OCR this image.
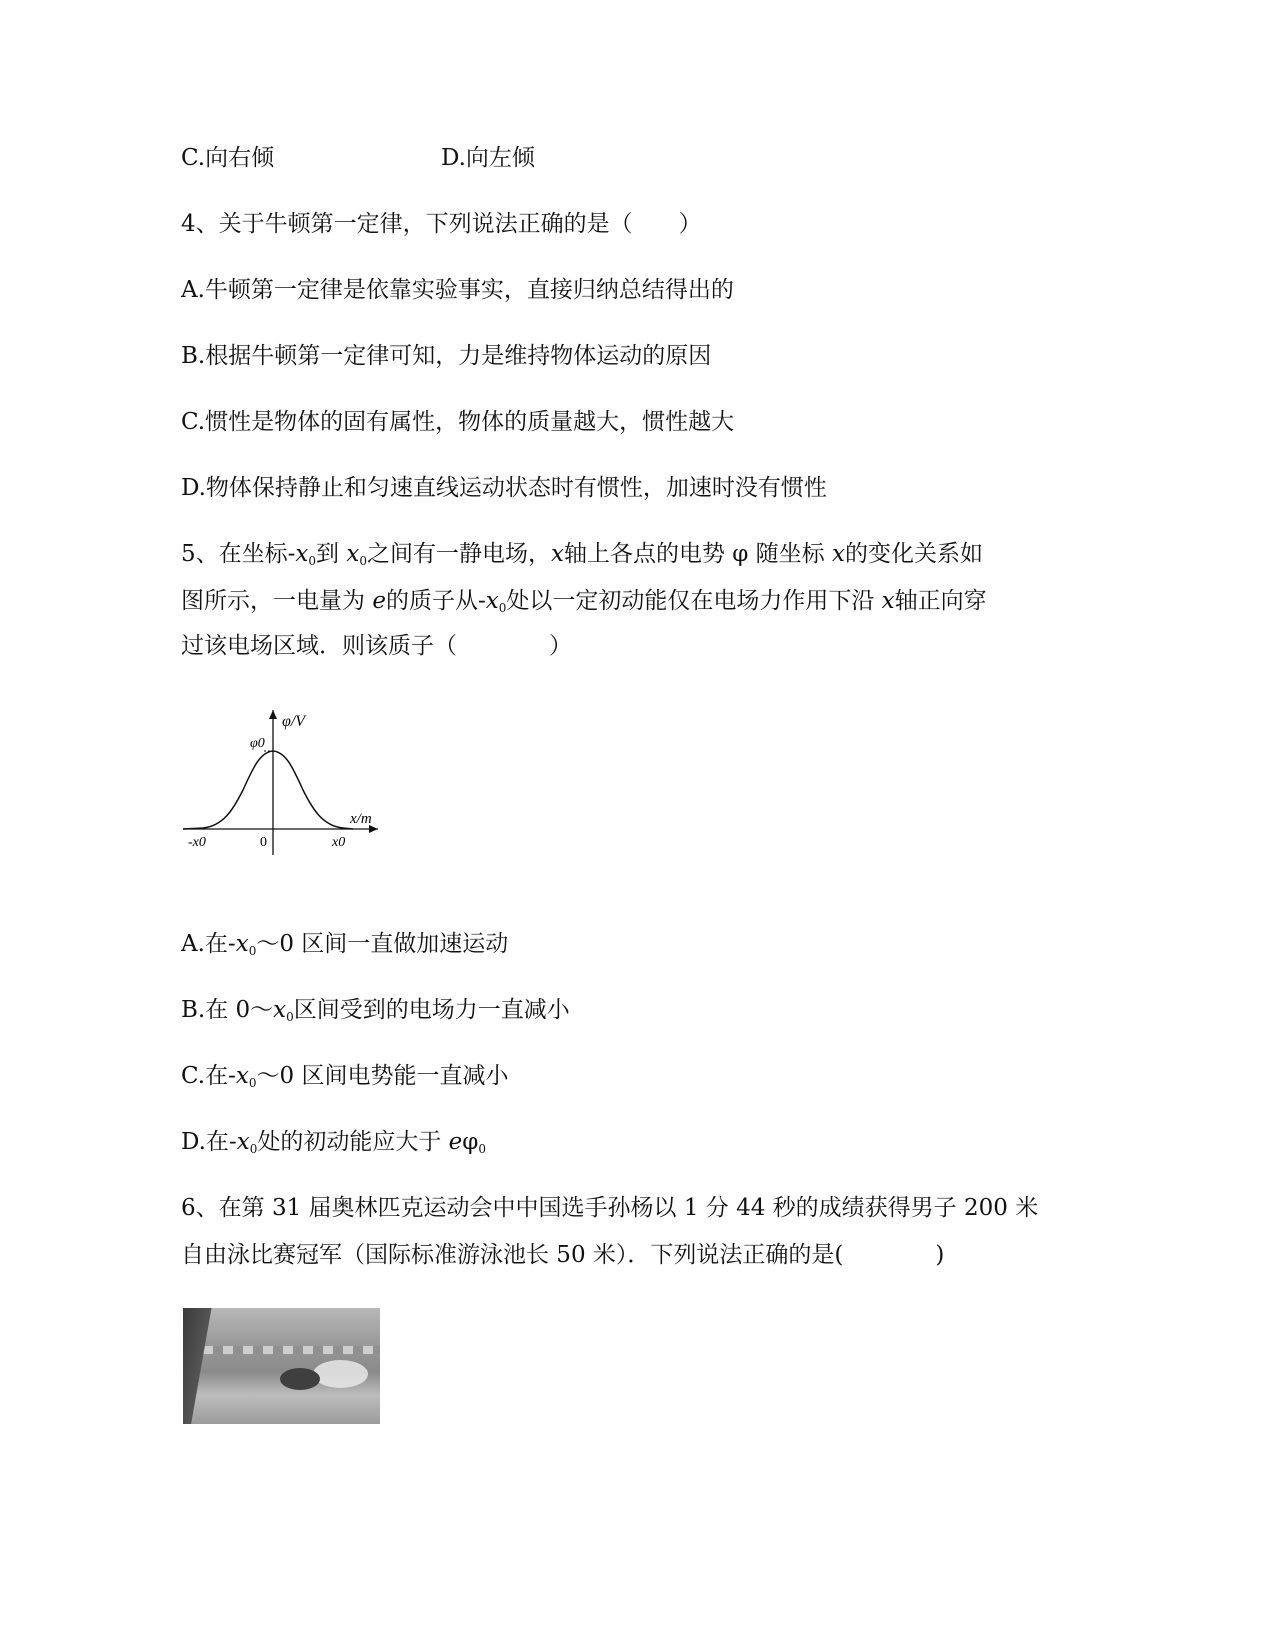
C.向右倾	D.向左倾
4、关于牛顿第一定律，下列说法正确的是（　　）
A.牛顿第一定律是依靠实验事实，直接归纳总结得出的
B.根据牛顿第一定律可知，力是维持物体运动的原因
C.惯性是物体的固有属性，物体的质量越大，惯性越大
D.物体保持静止和匀速直线运动状态时有惯性，加速时没有惯性
5、在坐标$-x_0$到 $x_0$之间有一静电场，x轴上各点的电势 φ 随坐标 x的变化关系如
图所示，一电量为 e的质子从$-x_0$处以一定初动能仅在电场力作用下沿 x轴正向穿
过该电场区域．则该质子（　　　　）
φ/V
φ0
x/m
-x0	0	x0
A.在$-x_0\sim 0$ 区间一直做加速运动
B.在 $0\sim x_0$区间受到的电场力一直减小
C.在$-x_0\sim 0$ 区间电势能一直减小
D.在$-x_0$处的初动能应大于 $e\varphi_0$
6、在第 31 届奥林匹克运动会中中国选手孙杨以 1 分 44 秒的成绩获得男子 200 米
自由泳比赛冠军（国际标准游泳池长 50 米）．下列说法正确的是(　　　　)
